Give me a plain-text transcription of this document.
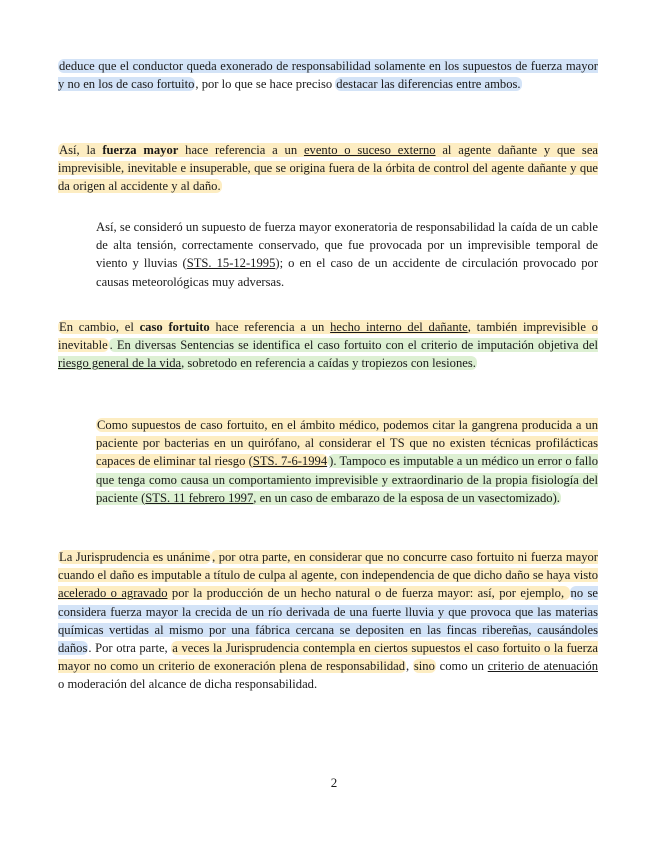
deduce que el conductor queda exonerado de responsabilidad solamente en los supuestos de fuerza mayor y no en los de caso fortuito, por lo que se hace preciso destacar las diferencias entre ambos.

Así, la fuerza mayor hace referencia a un evento o suceso externo al agente dañante y que sea imprevisible, inevitable e insuperable, que se origina fuera de la órbita de control del agente dañante y que da origen al accidente y al daño.

Así, se consideró un supuesto de fuerza mayor exoneratoria de responsabilidad la caída de un cable de alta tensión, correctamente conservado, que fue provocada por un imprevisible temporal de viento y lluvias (STS. 15-12-1995); o en el caso de un accidente de circulación provocado por causas meteorológicas muy adversas.

En cambio, el caso fortuito hace referencia a un hecho interno del dañante, también imprevisible o inevitable . En diversas Sentencias se identifica el caso fortuito con el criterio de imputación objetiva del riesgo general de la vida, sobretodo en referencia a caídas y tropiezos con lesiones.

Como supuestos de caso fortuito, en el ámbito médico, podemos citar la gangrena producida a un paciente por bacterias en un quirófano, al considerar el TS que no existen técnicas profilácticas capaces de eliminar tal riesgo (STS. 7-6-1994 ). Tampoco es imputable a un médico un error o fallo que tenga como causa un comportamiento imprevisible y extraordinario de la propia fisiología del paciente (STS. 11 febrero 1997, en un caso de embarazo de la esposa de un vasectomizado).

La Jurisprudencia es unánime , por otra parte, en considerar que no concurre caso fortuito ni fuerza mayor cuando el daño es imputable a título de culpa al agente, con independencia de que dicho daño se haya visto acelerado o agravado por la producción de un hecho natural o de fuerza mayor: así, por ejemplo, no se considera fuerza mayor la crecida de un río derivada de una fuerte lluvia y que provoca que las materias químicas vertidas al mismo por una fábrica cercana se depositen en las fincas ribereñas, causándoles daños. Por otra parte, a veces la Jurisprudencia contempla en ciertos supuestos el caso fortuito o la fuerza mayor no como un criterio de exoneración plena de responsabilidad, sino como un criterio de atenuación o moderación del alcance de dicha responsabilidad.

2
